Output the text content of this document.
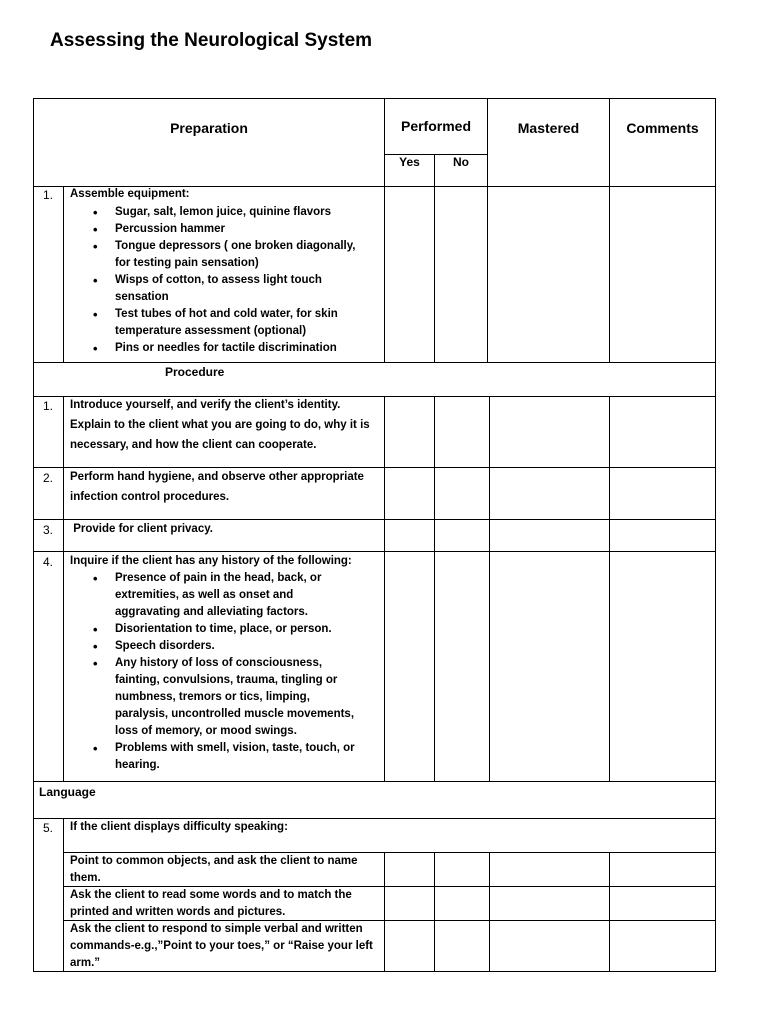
Assessing the Neurological System
Preparation	Performed
Yes	No
Mastered	Comments
1.	Assemble equipment:
• Sugar, salt, lemon juice, quinine flavors
• Percussion hammer
• Tongue depressors ( one broken diagonally, for testing pain sensation)
• Wisps of cotton, to assess light touch sensation
• Test tubes of hot and cold water, for skin temperature assessment (optional)
• Pins or needles for tactile discrimination
Procedure
1.	Introduce yourself, and verify the client’s identity. Explain to the client what you are going to do, why it is necessary, and how the client can cooperate.
2.	Perform hand hygiene, and observe other appropriate infection control procedures.
3.	Provide for client privacy.
4.	Inquire if the client has any history of the following:
• Presence of pain in the head, back, or extremities, as well as onset and aggravating and alleviating factors.
• Disorientation to time, place, or person.
• Speech disorders.
• Any history of loss of consciousness, fainting, convulsions, trauma, tingling or numbness, tremors or tics, limping, paralysis, uncontrolled muscle movements, loss of memory, or mood swings.
• Problems with smell, vision, taste, touch, or hearing.
Language
5.	If the client displays difficulty speaking:
Point to common objects, and ask the client to name them.
Ask the client to read some words and to match the printed and written words and pictures.
Ask the client to respond to simple verbal and written commands-e.g.,”Point to your toes,” or “Raise your left arm.”
